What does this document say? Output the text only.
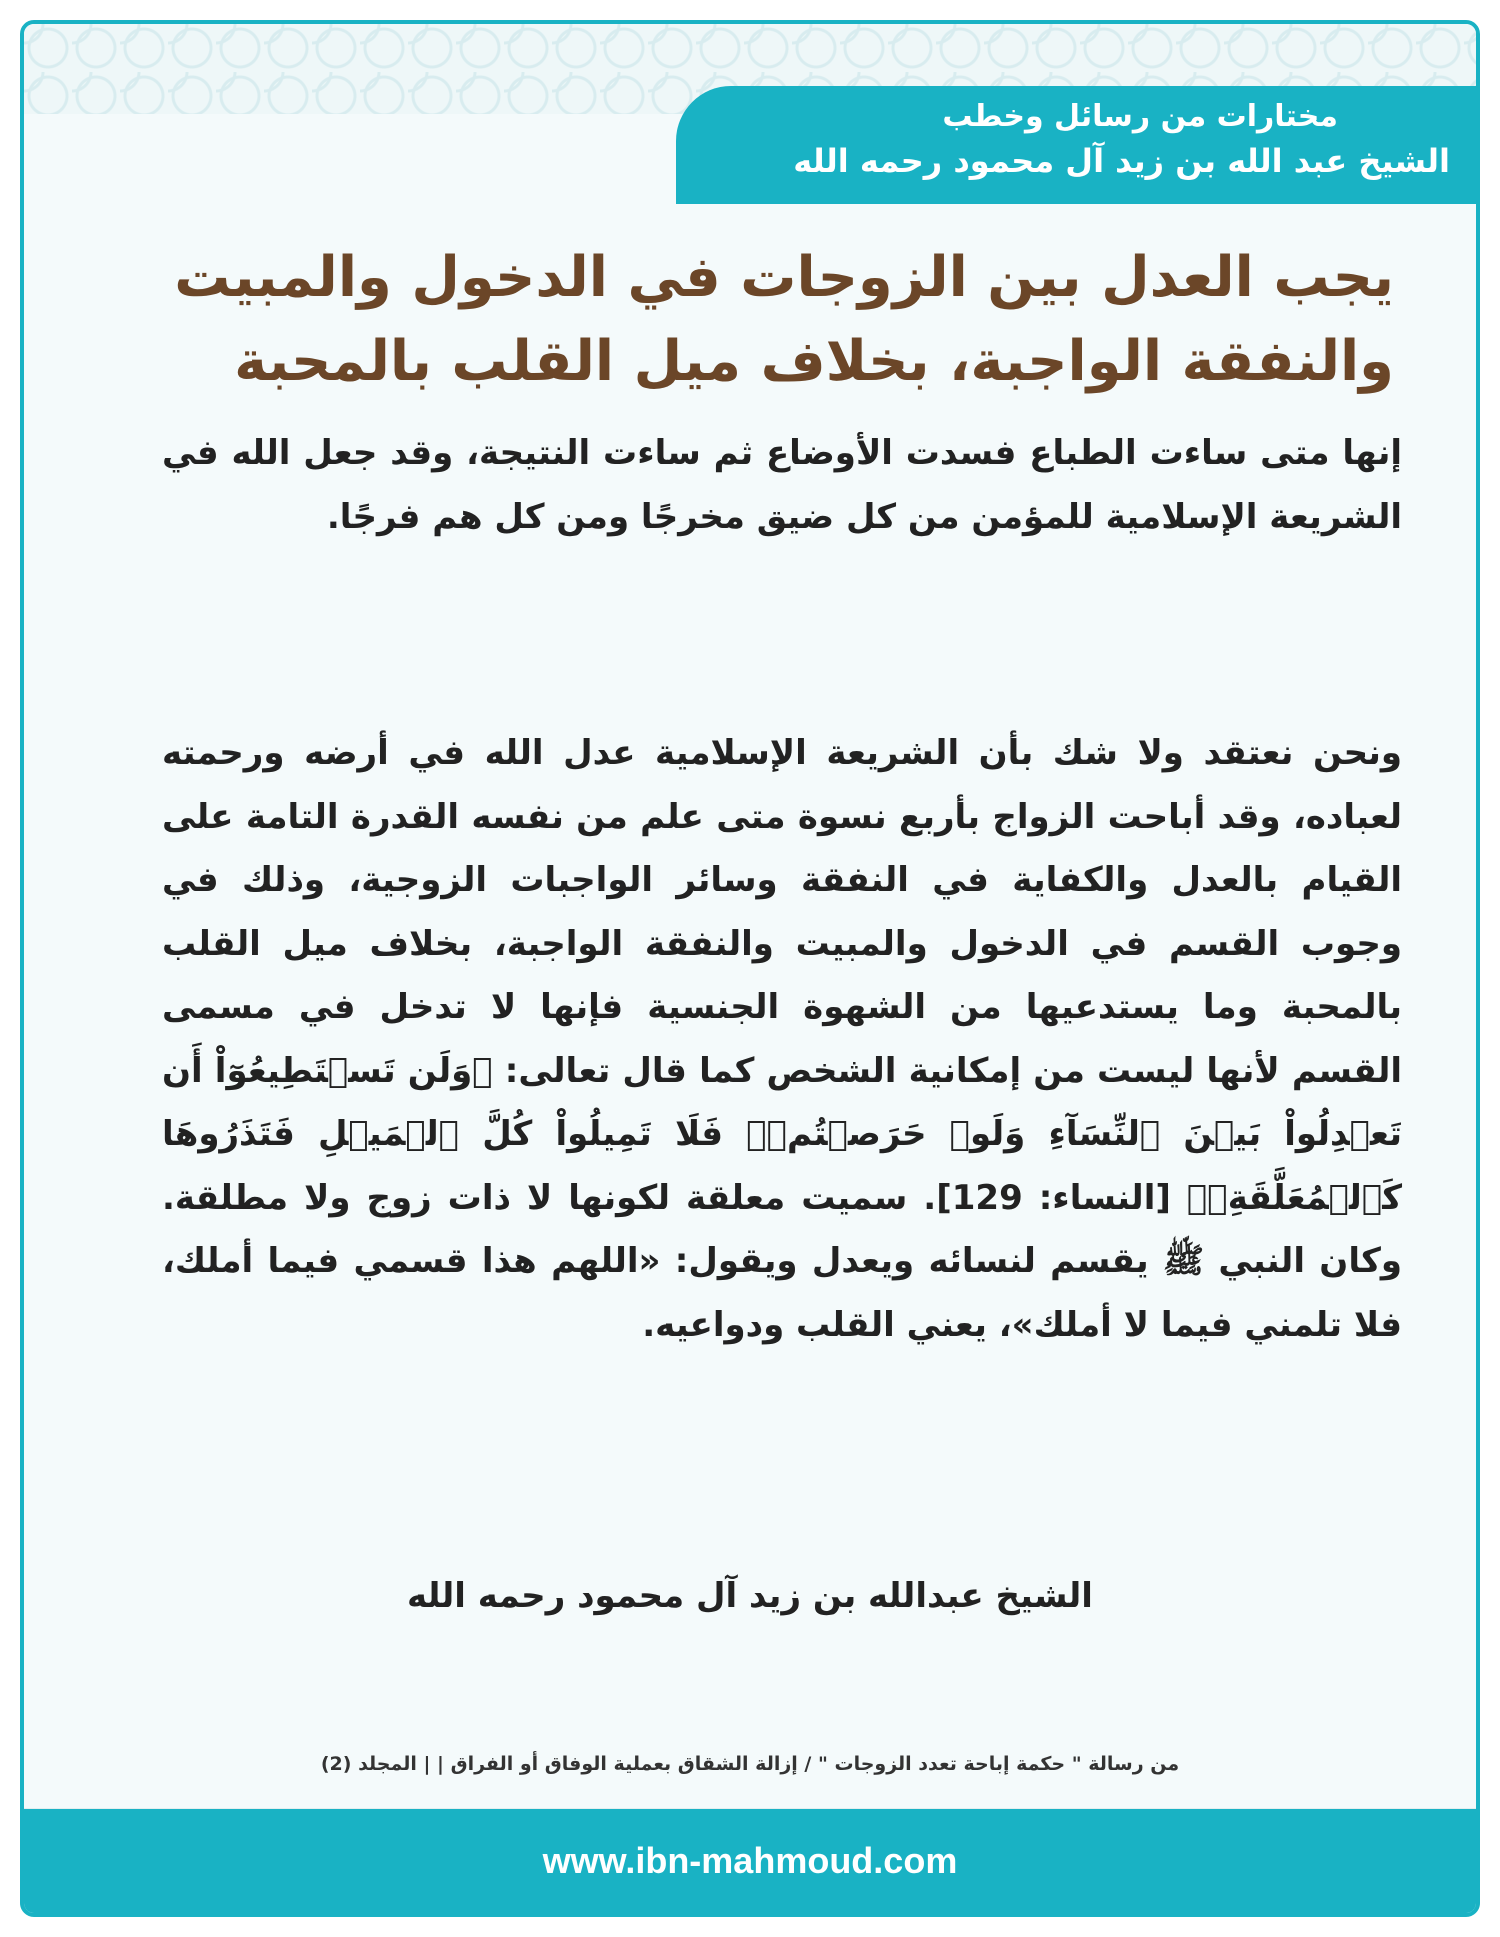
مختارات من رسائل وخطب
الشيخ عبد الله بن زيد آل محمود رحمه الله
يجب العدل بين الزوجات في الدخول والمبيت
والنفقة الواجبة، بخلاف ميل القلب بالمحبة
إنها متى ساءت الطباع فسدت الأوضاع ثم ساءت النتيجة، وقد جعل الله في الشريعة الإسلامية للمؤمن من كل ضيق مخرجًا ومن كل هم فرجًا.
ونحن نعتقد ولا شك بأن الشريعة الإسلامية عدل الله في أرضه ورحمته لعباده، وقد أباحت الزواج بأربع نسوة متى علم من نفسه القدرة التامة على القيام بالعدل والكفاية في النفقة وسائر الواجبات الزوجية، وذلك في وجوب القسم في الدخول والمبيت والنفقة الواجبة، بخلاف ميل القلب بالمحبة وما يستدعيها من الشهوة الجنسية فإنها لا تدخل في مسمى القسم لأنها ليست من إمكانية الشخص كما قال تعالى: ﴿وَلَن تَسۡتَطِيعُوٓاْ أَن تَعۡدِلُواْ بَيۡنَ ٱلنِّسَآءِ وَلَوۡ حَرَصۡتُمۡۖ فَلَا تَمِيلُواْ كُلَّ ٱلۡمَيۡلِ فَتَذَرُوهَا كَٱلۡمُعَلَّقَةِۚ﴾ [النساء: 129]. سميت معلقة لكونها لا ذات زوج ولا مطلقة. وكان النبي ﷺ يقسم لنسائه ويعدل ويقول: «اللهم هذا قسمي فيما أملك، فلا تلمني فيما لا أملك»، يعني القلب ودواعيه.
الشيخ عبدالله بن زيد آل محمود رحمه الله
من رسالة " حكمة إباحة تعدد الزوجات " / إزالة الشقاق بعملية الوفاق أو الفراق | | المجلد (2)
www.ibn-mahmoud.com
